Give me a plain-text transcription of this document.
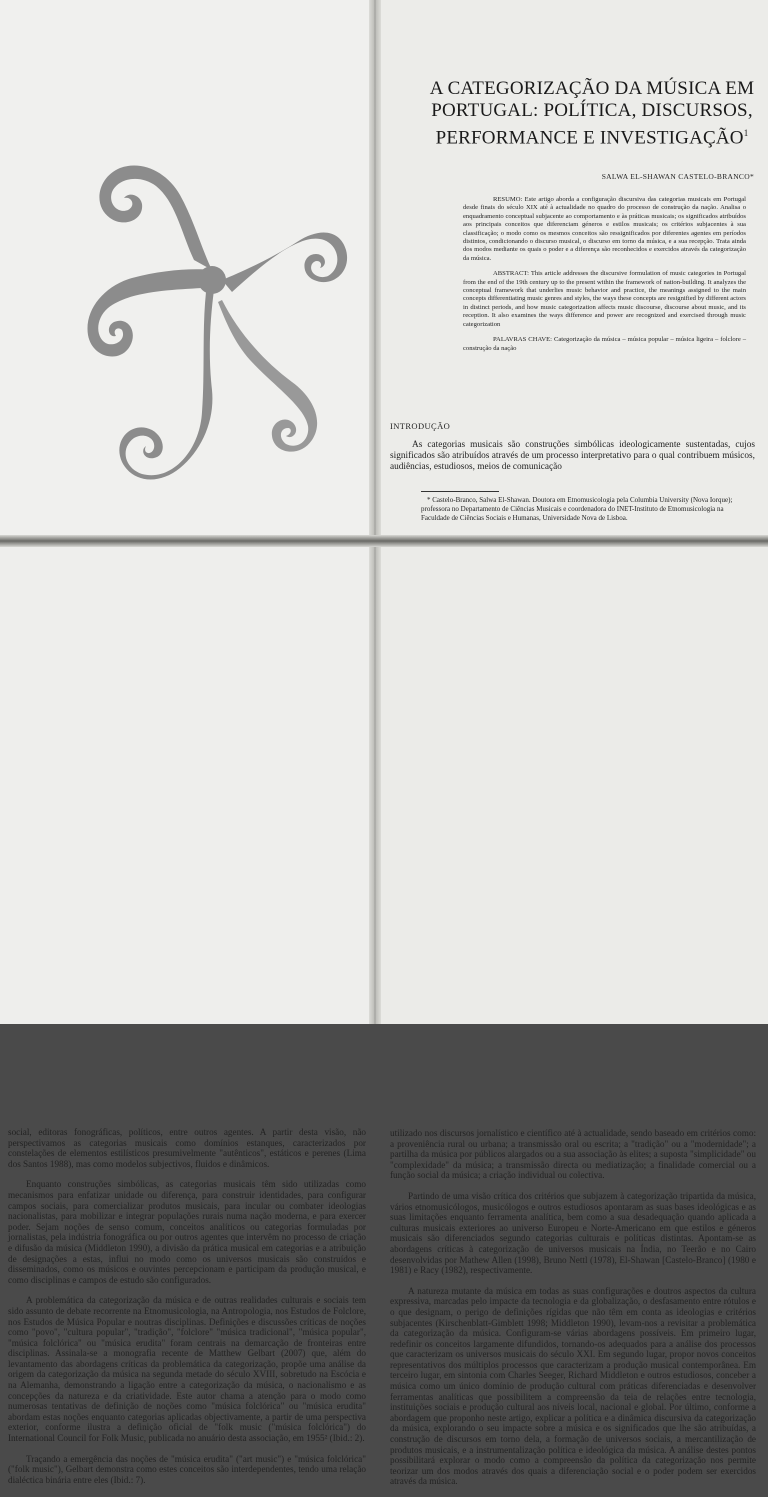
A CATEGORIZAÇÃO DA MÚSICA EM
PORTUGAL: POLÍTICA, DISCURSOS,
PERFORMANCE E INVESTIGAÇÃO$^1$
SALWA EL-SHAWAN CASTELO-BRANCO*

RESUMO: Este artigo aborda a configuração discursiva das categorias musicais em Portugal desde finais do século XIX até à actualidade no quadro do processo de construção da nação. Analisa o enquadramento conceptual subjacente ao comportamento e às práticas musicais; os significados atribuídos aos principais conceitos que diferenciam géneros e estilos musicais; os critérios subjacentes à sua classificação; o modo como os mesmos conceitos são ressignificados por diferentes agentes em períodos distintos, condicionando o discurso musical, o discurso em torno da música, e a sua recepção. Trata ainda dos modos mediante os quais o poder e a diferença são reconhecidos e exercidos através da categorização da música.

ABSTRACT: This article addresses the discursive formulation of music categories in Portugal from the end of the 19th century up to the present within the framework of nation-building. It analyzes the conceptual framework that underlies music behavior and practice, the meanings assigned to the main concepts differentiating music genres and styles, the ways these concepts are resignified by different actors in distinct periods, and how music categorization affects music discourse, discourse about music, and its reception. It also examines the ways difference and power are recognized and exercised through music categorization

PALAVRAS CHAVE: Categorização da música – música popular – música ligeira – folclore – construção da nação

INTRODUÇÃO

As categorias musicais são construções simbólicas ideologicamente sustentadas, cujos significados são atribuídos através de um processo interpretativo para o qual contribuem músicos, audiências, estudiosos, meios de comunicação

* Castelo-Branco, Salwa El-Shawan. Doutora em Etnomusicologia pela Columbia University (Nova Iorque); professora no Departamento de Ciências Musicais e coordenadora do INET-Instituto de Etnomusicologia na Faculdade de Ciências Sociais e Humanas, Universidade Nova de Lisboa.

social, editoras fonográficas, políticos, entre outros agentes. A partir desta visão, não perspectivamos as categorias musicais como domínios estanques, caracterizados por constelações de elementos estilísticos presumivelmente "autênticos", estáticos e perenes (Lima dos Santos 1988), mas como modelos subjectivos, fluidos e dinâmicos.

Enquanto construções simbólicas, as categorias musicais têm sido utilizadas como mecanismos para enfatizar unidade ou diferença, para construir identidades, para configurar campos sociais, para comercializar produtos musicais, para incular ou combater ideologias nacionalistas, para mobilizar e integrar populações rurais numa nação moderna, e para exercer poder. Sejam noções de senso comum, conceitos analíticos ou categorias formuladas por jornalistas, pela indústria fonográfica ou por outros agentes que intervêm no processo de criação e difusão da música (Middleton 1990), a divisão da prática musical em categorias e a atribuição de designações a estas, influi no modo como os universos musicais são construídos e disseminados, como os músicos e ouvintes percepcionam e participam da produção musical, e como disciplinas e campos de estudo são configurados.

A problemática da categorização da música e de outras realidades culturais e sociais tem sido assunto de debate recorrente na Etnomusicologia, na Antropologia, nos Estudos de Folclore, nos Estudos de Música Popular e noutras disciplinas. Definições e discussões críticas de noções como "povo", "cultura popular", "tradição", "folclore" "música tradicional", "música popular", "música folclórica" ou "música erudita" foram centrais na demarcação de fronteiras entre disciplinas. Assinala-se a monografia recente de Matthew Gelbart (2007) que, além do levantamento das abordagens críticas da problemática da categorização, propõe uma análise da origem da categorização da música na segunda metade do século XVIII, sobretudo na Escócia e na Alemanha, demonstrando a ligação entre a categorização da música, o nacionalismo e as concepções da natureza e da criatividade. Este autor chama a atenção para o modo como numerosas tentativas de definição de noções como "música folclórica" ou "música erudita" abordam estas noções enquanto categorias aplicadas objectivamente, a partir de uma perspectiva exterior, conforme ilustra a definição oficial de "folk music ("música folclórica") do International Council for Folk Music, publicada no anuário desta associação, em 1955² (Ibid.: 2).

Traçando a emergência das noções de "música erudita" ("art music") e "música folclórica" ("folk music"), Gelbart demonstra como estes conceitos são interdependentes, tendo uma relação dialéctica binária entre eles (Ibid.: 7).

utilizado nos discursos jornalístico e científico até à actualidade, sendo baseado em critérios como: a proveniência rural ou urbana; a transmissão oral ou escrita; a "tradição" ou a "modernidade"; a partilha da música por públicos alargados ou a sua associação às elites; a suposta "simplicidade" ou "complexidade" da música; a transmissão directa ou mediatização; a finalidade comercial ou a função social da música; a criação individual ou colectiva.

Partindo de uma visão crítica dos critérios que subjazem à categorização tripartida da música, vários etnomusicólogos, musicólogos e outros estudiosos apontaram as suas bases ideológicas e as suas limitações enquanto ferramenta analítica, bem como a sua desadequação quando aplicada a culturas musicais exteriores ao universo Europeu e Norte-Americano em que estilos e géneros musicais são diferenciados segundo categorias culturais e políticas distintas. Apontam-se as abordagens críticas à categorização de universos musicais na Índia, no Teerão e no Cairo desenvolvidas por Mathew Allen (1998), Bruno Nettl (1978), El-Shawan [Castelo-Branco] (1980 e 1981) e Racy (1982), respectivamente.

A natureza mutante da música em todas as suas configurações e doutros aspectos da cultura expressiva, marcadas pelo impacte da tecnologia e da globalização, o desfasamento entre rótulos e o que designam, o perigo de definições rígidas que não têm em conta as ideologias e critérios subjacentes (Kirschenblatt-Gimblett 1998; Middleton 1990), levam-nos a revisitar a problemática da categorização da música. Configuram-se várias abordagens possíveis. Em primeiro lugar, redefinir os conceitos largamente difundidos, tornando-os adequados para a análise dos processos que caracterizam os universos musicais do século XXI. Em segundo lugar, propor novos conceitos representativos dos múltiplos processos que caracterizam a produção musical contemporânea. Em terceiro lugar, em sintonia com Charles Seeger, Richard Middleton e outros estudiosos, conceber a música como um único domínio de produção cultural com práticas diferenciadas e desenvolver ferramentas analíticas que possibilitem a compreensão da teia de relações entre tecnologia, instituições sociais e produção cultural aos níveis local, nacional e global. Por último, conforme a abordagem que proponho neste artigo, explicar a política e a dinâmica discursiva da categorização da música, explorando o seu impacte sobre a música e os significados que lhe são atribuídas, a construção de discursos em torno dela, a formação de universos sociais, a mercantilização de produtos musicais, e a instrumentalização política e ideológica da música. A análise destes pontos possibilitará explorar o modo como a compreensão da política da categorização nos permite teorizar um dos modos através dos quais a diferenciação social e o poder podem ser exercidos através da música.
